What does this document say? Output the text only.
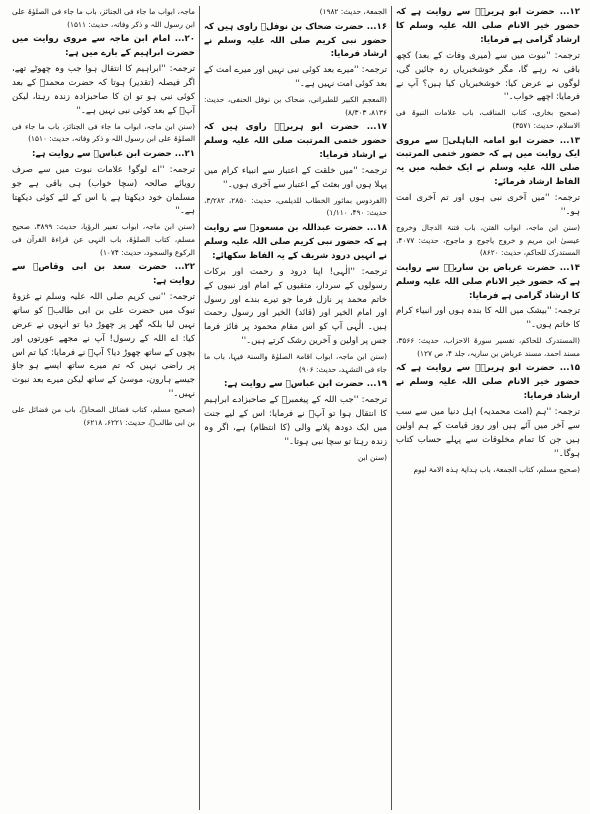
۱۲... حضرت ابو ہریرہؓ سے روایت ہے کہ حضور خیر الانام صلی اللہ علیہ وسلم کا ارشاد گرامی ہے فرمایا:

ترجمہ: ''نبوت میں سے (میری وفات کے بعد) کچھ باقی نہ رہے گا، مگر خوشخبریاں رہ جائیں گی، لوگوں نے عرض کیا: خوشخبریاں کیا ہیں؟ آپ نے فرمایا: اچھے خواب۔''

(صحیح بخاری، کتاب المناقب، باب علامات النبوۃ فی الاسلام، حدیث: ۳۵۷۱)

۱۳... حضرت ابو امامہ الباہلیؓ سے مروی ایک روایت میں ہے کہ حضور ختمی المرتبت صلی اللہ علیہ وسلم نے ایک خطبہ میں یہ الفاظ ارشاد فرمائے:

ترجمہ: ''میں آخری نبی ہوں اور تم آخری امت ہو۔''

(سنن ابن ماجہ، ابواب الفتن، باب فتنۃ الدجال وخروج عیسیٰ ابن مریم و خروج یاجوج و ماجوج، حدیث: ۴۰۷۷، المستدرک للحاکم، حدیث: ۸۶۲۰)

۱۴... حضرت عرباض بن ساریہؓ سے روایت ہے کہ حضور خیر الانام صلی اللہ علیہ وسلم کا ارشاد گرامی ہے فرمایا:

ترجمہ: ''بیشک میں اللہ کا بندہ ہوں اور انبیاء کرام کا خاتم ہوں۔''

(المستدرک للحاکم، تفسیر سورۃ الاحزاب، حدیث: ۳۵۶۶، مسند احمد، مسند عرباض بن ساریہ، جلد ۴، ص ۱۲۷)

۱۵... حضرت ابو ہریرہؓ سے روایت ہے کہ حضور خیر الانام صلی اللہ علیہ وسلم نے ارشاد فرمایا:

ترجمہ: ''ہم (امت محمدیہ) اہل دنیا میں سے سب سے آخر میں آئے ہیں اور روز قیامت کے ہم اولین ہیں جن کا تمام مخلوقات سے پہلے حساب کتاب ہوگا۔''

(صحیح مسلم، کتاب الجمعۃ، باب ہدایۃ ہذہ الامۃ لیوم

الجمعۃ، حدیث: ۱۹۸۲)

۱۶... حضرت ضحاک بن نوفلؓ راوی ہیں کہ حضور نبی کریم صلی اللہ علیہ وسلم نے ارشاد فرمایا:

ترجمہ: ''میرے بعد کوئی نبی نہیں اور میرے امت کے بعد کوئی امت نہیں ہے۔''

(المعجم الکبیر للطبرانی، ضحاک بن نوفل الحنفی، حدیث: ۸۱۳۶، ۸/۳۰۳)

۱۷... حضرت ابو ہریرہؓ راوی ہیں کہ حضور ختمی المرتبت صلی اللہ علیہ وسلم نے ارشاد فرمایا:

ترجمہ: ''میں خلقت کے اعتبار سے انبیاء کرام میں پہلا ہوں اور بعثت کے اعتبار سے آخری ہوں۔''

(الفردوس بماثور الخطاب للدیلمی، حدیث: ۲۸۵۰، ۳/۲۸۲، حدیث: ۴۹۰، ۱/۱۱۰)

۱۸... حضرت عبداللہ بن مسعودؓ سے روایت ہے کہ حضور نبی کریم صلی اللہ علیہ وسلم نے انہیں درود شریف کے یہ الفاظ سکھائے:

ترجمہ: ''الٰہی! اپنا درود و رحمت اور برکات رسولوں کے سردار، متقیوں کے امام اور نبیوں کے خاتم محمد پر نازل فرما جو تیرے بندے اور رسول اور امام الخیر اور (قائد) الخیر اور رسول رحمت ہیں۔ الٰہی آپ کو اس مقام محمود پر فائز فرما جس پر اولین و آخرین رشک کرتے ہیں۔''

(سنن ابن ماجہ، ابواب اقامۃ الصلوٰۃ والسنۃ فیہا، باب ما جاء فی التشہد، حدیث: ۹۰۶)

۱۹... حضرت ابن عباسؓ سے روایت ہے:

ترجمہ: ''جب اللہ کے پیغمبرؐ کے صاحبزادے ابراہیم کا انتقال ہوا تو آپؐ نے فرمایا: اس کے لیے جنت میں ایک دودھ پلانے والی (کا انتظام) ہے، اگر وہ زندہ رہتا تو سچا نبی ہوتا۔''

(سنن ابن

ماجہ، ابواب ما جاء فی الجنائز، باب ما جاء فی الصلوٰۃ علی ابن رسول اللہ و ذکر وفاتہ، حدیث: ۱۵۱۱)

۲۰... امام ابن ماجہ سے مروی روایت میں حضرت ابراہیم کے بارے میں ہے:

ترجمہ: ''ابراہیم کا انتقال ہوا جب وہ چھوٹے تھے، اگر فیصلہ (تقدیر) ہوتا کہ حضرت محمدؐ کے بعد کوئی نبی ہو تو ان کا صاحبزادہ زندہ رہتا، لیکن آپؐ کے بعد کوئی نبی نہیں ہے۔''

(سنن ابن ماجہ، ابواب ما جاء فی الجنائز، باب ما جاء فی الصلوٰۃ علی ابن رسول اللہ و ذکر وفاتہ، حدیث: ۱۵۱۰)

۲۱... حضرت ابن عباسؓ سے روایت ہے:

ترجمہ: ''اے لوگو! علامات نبوت میں سے صرف رویائے صالحہ (سچا خواب) ہی باقی ہے جو مسلمان خود دیکھتا ہے یا اس کے لئے کوئی دیکھتا ہے۔''

(سنن ابن ماجہ، ابواب تعبیر الرؤیا، حدیث: ۳۸۹۹، صحیح مسلم، کتاب الصلوٰۃ، باب النہی عن قراءۃ القرآن فی الرکوع والسجود، حدیث: ۱۰۷۴)

۲۲... حضرت سعد بن ابی وقاصؓ سے روایت ہے:

ترجمہ: ''نبی کریم صلی اللہ علیہ وسلم نے غزوۂ تبوک میں حضرت علی بن ابی طالبؓ کو ساتھ نہیں لیا بلکہ گھر پر چھوڑ دیا تو انہوں نے عرض کیا: اے اللہ کے رسول! آپ نے مجھے عورتوں اور بچوں کے ساتھ چھوڑ دیا؟ آپؐ نے فرمایا: کیا تم اس پر راضی نہیں کہ تم میرے ساتھ ایسے ہو جاؤ جیسے ہارون، موسیٰ کے ساتھ لیکن میرے بعد نبوت نہیں۔''

(صحیح مسلم، کتاب فضائل الصحابۃ، باب من فضائل علی بن ابی طالبؓ، حدیث: ۶۲۲۱، ۶۲۱۸)
